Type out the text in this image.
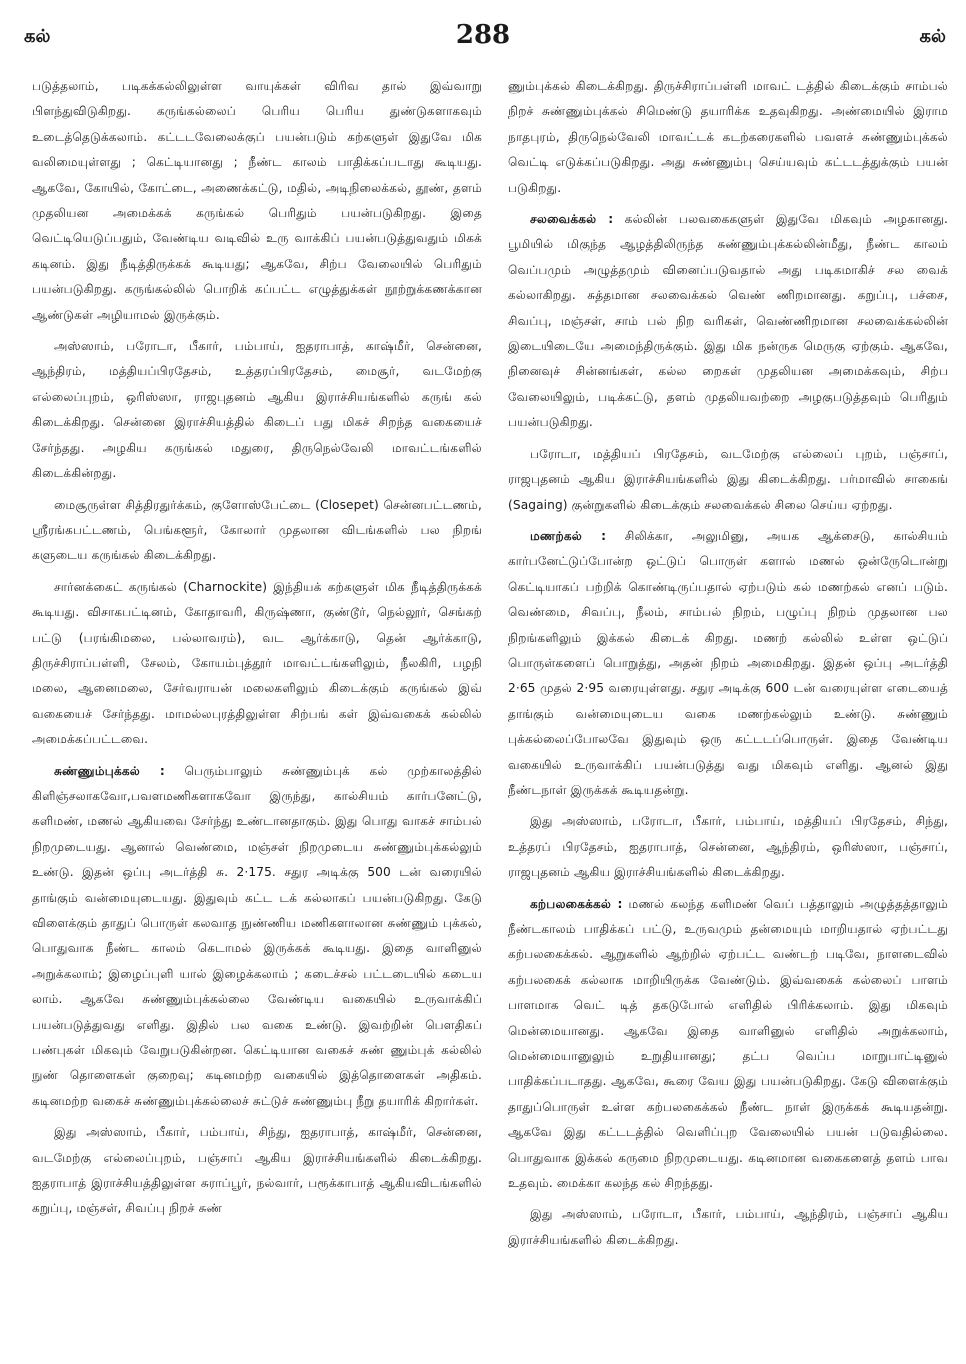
கல்	288	கல்

படுத்தலாம், படிகக்கல்லிலுள்ள வாயுக்கள் விரிவ தால் இவ்வாறு பிளந்துவிடுகிறது. கருங்கல்லைப் பெரிய பெரிய துண்டுகளாகவும் உடைத்தெடுக்கலாம். கட்டடவேலைக்குப் பயன்படும் கற்களுள் இதுவே மிக வலிமையுள்ளது ; கெட்டியானது ; நீண்ட காலம் பாதிக்கப்படாது கூடியது. ஆகவே, கோயில், கோட்டை, அணைக்கட்டு, மதில், அடிநிலைக்கல், தூண், தளம் முதலியன அமைக்கக் கருங்கல் பெரிதும் பயன்படுகிறது. இதை வெட்டியெடுப்பதும், வேண்டிய வடிவில் உரு வாக்கிப் பயன்படுத்துவதும் மிகக் கடினம். இது நீடித்திருக்கக் கூடியது; ஆகவே, சிற்ப வேலையில் பெரிதும் பயன்படுகிறது. கருங்கல்லில் பொறிக் கப்பட்ட எழுத்துக்கள் நூற்றுக்கணக்கான ஆண்டுகள் அழியாமல் இருக்கும்.

அஸ்ஸாம், பரோடா, பீகார், பம்பாய், ஐதராபாத், காஷ்மீர், சென்னை, ஆந்திரம், மத்தியப்பிரதேசம், உத்தரப்பிரதேசம், மைசூர், வடமேற்கு எல்லைப்புறம், ஒரிஸ்ஸா, ராஜபுதனம் ஆகிய இராச்சியங்களில் கருங் கல் கிடைக்கிறது. சென்னை இராச்சியத்தில் கிடைப் பது மிகச் சிறந்த வகையைச் சேர்ந்தது. அழகிய கருங்கல் மதுரை, திருநெல்வேலி மாவட்டங்களில் கிடைக்கின்றது.

மைசூருள்ள சித்திரதுர்க்கம், குளோஸ்பேட்டை (Closepet) சென்னபட்டணம், ஸ்ரீரங்கபட்டணம், பெங்களூர், கோலார் முதலான விடங்களில் பல நிறங் களுடைய கருங்கல் கிடைக்கிறது.

சார்னக்கைட் கருங்கல் (Charnockite) இந்தியக் கற்களுள் மிக நீடித்திருக்கக் கூடியது. விசாகபட்டினம், கோதாவரி, கிருஷ்ணா, குண்டூர், நெல்லூர், செங்கற் பட்டு (பரங்கிமலை, பல்லாவரம்), வட ஆர்க்காடு, தென் ஆர்க்காடு, திருச்சிராப்பள்ளி, சேலம், கோயம்புத்தூர் மாவட்டங்களிலும், நீலகிரி, பழநி மலை, ஆனைமலை, சேர்வராயன் மலைகளிலும் கிடைக்கும் கருங்கல் இவ் வகையைச் சேர்ந்தது. மாமல்லபுரத்திலுள்ள சிற்பங் கள் இவ்வகைக் கல்லில் அமைக்கப்பட்டவை.

சுண்ணும்புக்கல் : பெரும்பாலும் சுண்ணும்புக் கல் முற்காலத்தில் கிளிஞ்சலாகவோ,பவளமணிகளாகவோ இருந்து, கால்சியம் கார்பனேட்டு, களிமண், மணல் ஆகியவை சேர்ந்து உண்டானதாகும். இது பொது வாகச் சாம்பல் நிறமுடையது. ஆனால் வெண்மை, மஞ்சள் நிறமுடைய சுண்ணும்புக்கல்லும் உண்டு. இதன் ஒப்பு அடர்த்தி சு. 2·175. சதுர அடிக்கு 500 டன் வரையில் தாங்கும் வன்மையுடையது. இதுவும் கட்ட டக் கல்லாகப் பயன்படுகிறது. கேடு விளைக்கும் தாதுப் பொருள் கலவாத நுண்ணிய மணிகளாலான சுண்ணும் புக்கல், பொதுவாக நீண்ட காலம் கெடாமல் இருக்கக் கூடியது. இதை வாளினுல் அறுக்கலாம்; இழைப்புளி யால் இழைக்கலாம் ; கடைச்சல் பட்டடையில் கடைய லாம். ஆகவே சுண்ணும்புக்கல்லை வேண்டிய வகையில் உருவாக்கிப் பயன்படுத்துவது எளிது. இதில் பல வகை உண்டு. இவற்றின் பௌதிகப் பண்புகள் மிகவும் வேறுபடுகின்றன. கெட்டியான வகைச் சுண் ணும்புக் கல்லில் நுண் தொளைகள் குறைவு; கடினமற்ற வகையில் இத்தொளைகள் அதிகம். கடினமற்ற வகைச் சுண்ணும்புக்கல்லைச் சுட்டுச் சுண்ணும்பு நீறு தயாரிக் கிறார்கள்.

இது அஸ்ஸாம், பீகார், பம்பாய், சிந்து, ஐதராபாத், காஷ்மீர், சென்னை, வடமேற்கு எல்லைப்புறம், பஞ்சாப் ஆகிய இராச்சியங்களில் கிடைக்கிறது. ஐதராபாத் இராச்சியத்திலுள்ள சுராப்பூர், நல்வார், பரூக்காபாத் ஆகியவிடங்களில் கறுப்பு, மஞ்சள், சிவப்பு நிறச் சுண்

ணும்புக்கல் கிடைக்கிறது. திருச்சிராப்பள்ளி மாவட் டத்தில் கிடைக்கும் சாம்பல் நிறச் சுண்ணும்புக்கல் சிமெண்டு தயாரிக்க உதவுகிறது. அண்மையில் இராம நாதபுரம், திருநெல்வேலி மாவட்டக் கடற்கரைகளில் பவளச் சுண்ணும்புக்கல் வெட்டி எடுக்கப்படுகிறது. அது சுண்ணும்பு செய்யவும் கட்டடத்துக்கும் பயன் படுகிறது.

சலவைக்கல் : கல்லின் பலவகைகளுள் இதுவே மிகவும் அழகானது. பூமியில் மிகுந்த ஆழத்திலிருந்த சுண்ணும்புக்கல்லின்மீது, நீண்ட காலம் வெப்பமும் அழுத்தமும் வினைப்படுவதால் அது படிகமாகிச் சல வைக் கல்லாகிறது. சுத்தமான சலவைக்கல் வெண் ணிறமானது. கறுப்பு, பச்சை, சிவப்பு, மஞ்சள், சாம் பல் நிற வரிகள், வெண்ணிறமான சலவைக்கல்லின் இடையிடையே அமைந்திருக்கும். இது மிக நன்ருக மெருகு ஏற்கும். ஆகவே, நினைவுச் சின்னங்கள், கல்ல றைகள் முதலியன அமைக்கவும், சிற்ப வேலையிலும், படிக்கட்டு, தளம் முதலியவற்றை அழகுபடுத்தவும் பெரிதும் பயன்படுகிறது.

பரோடா, மத்தியப் பிரதேசம், வடமேற்கு எல்லைப் புறம், பஞ்சாப், ராஜபுதனம் ஆகிய இராச்சியங்களில் இது கிடைக்கிறது. பர்மாவில் சாகைங் (Sagaing) குன்றுகளில் கிடைக்கும் சலவைக்கல் சிலை செய்ய ஏற்றது.

மணற்கல் : சிலிக்கா, அலுமினு, அயக ஆக்சைடு, கால்சியம் கார்பனேட்டுப்போன்ற ஒட்டுப் பொருள் களால் மணல் ஒன்ருேடொன்று கெட்டியாகப் பற்றிக் கொண்டிருப்பதால் ஏற்படும் கல் மணற்கல் எனப் படும். வெண்மை, சிவப்பு, நீலம், சாம்பல் நிறம், பழுப்பு நிறம் முதலான பல நிறங்களிலும் இக்கல் கிடைக் கிறது. மணற் கல்லில் உள்ள ஒட்டுப் பொருள்களைப் பொறுத்து, அதன் நிறம் அமைகிறது. இதன் ஒப்பு அடர்த்தி 2·65 முதல் 2·95 வரையுள்ளது. சதுர அடிக்கு 600 டன் வரையுள்ள எடையைத் தாங்கும் வன்மையுடைய வகை மணற்கல்லும் உண்டு. சுண்ணும் புக்கல்லைப்போலவே இதுவும் ஒரு கட்டடப்பொருள். இதை வேண்டிய வகையில் உருவாக்கிப் பயன்படுத்து வது மிகவும் எளிது. ஆனல் இது நீண்டநாள் இருக்கக் கூடியதன்று.

இது அஸ்ஸாம், பரோடா, பீகார், பம்பாய், மத்தியப் பிரதேசம், சிந்து, உத்தரப் பிரதேசம், ஐதராபாத், சென்னை, ஆந்திரம், ஒரிஸ்ஸா, பஞ்சாப், ராஜபுதனம் ஆகிய இராச்சியங்களில் கிடைக்கிறது.

கற்பலகைக்கல் : மணல் கலந்த களிமண் வெப் பத்தாலும் அழுத்தத்தாலும் நீண்டகாலம் பாதிக்கப் பட்டு, உருவமும் தன்மையும் மாறியதால் ஏற்பட்டது கற்பலகைக்கல். ஆறுகளில் ஆற்றில் ஏற்பட்ட வண்டற் படிவே, நாளடைவில் கற்பலகைக் கல்லாக மாறியிருக்க வேண்டும். இவ்வகைக் கல்லைப் பாளம் பாளமாக வெட் டித் தகடுபோல் எளிதில் பிரிக்கலாம். இது மிகவும் மென்மையானது. ஆகவே இதை வாளினுல் எளிதில் அறுக்கலாம், மென்மையானுலும் உறுதியானது; தட்ப வெப்ப மாறுபாட்டினுல் பாதிக்கப்படாதது. ஆகவே, கூரை வேய இது பயன்படுகிறது. கேடு விளைக்கும் தாதுப்பொருள் உள்ள கற்பலகைக்கல் நீண்ட நாள் இருக்கக் கூடியதன்று. ஆகவே இது கட்டடத்தில் வெளிப்புற வேலையில் பயன் படுவதில்லை. பொதுவாக இக்கல் கருமை நிறமுடையது. கடினமான வகைகளைத் தளம் பாவ உதவும். மைக்கா கலந்த கல் சிறந்தது.

இது அஸ்ஸாம், பரோடா, பீகார், பம்பாய், ஆந்திரம், பஞ்சாப் ஆகிய இராச்சியங்களில் கிடைக்கிறது.
